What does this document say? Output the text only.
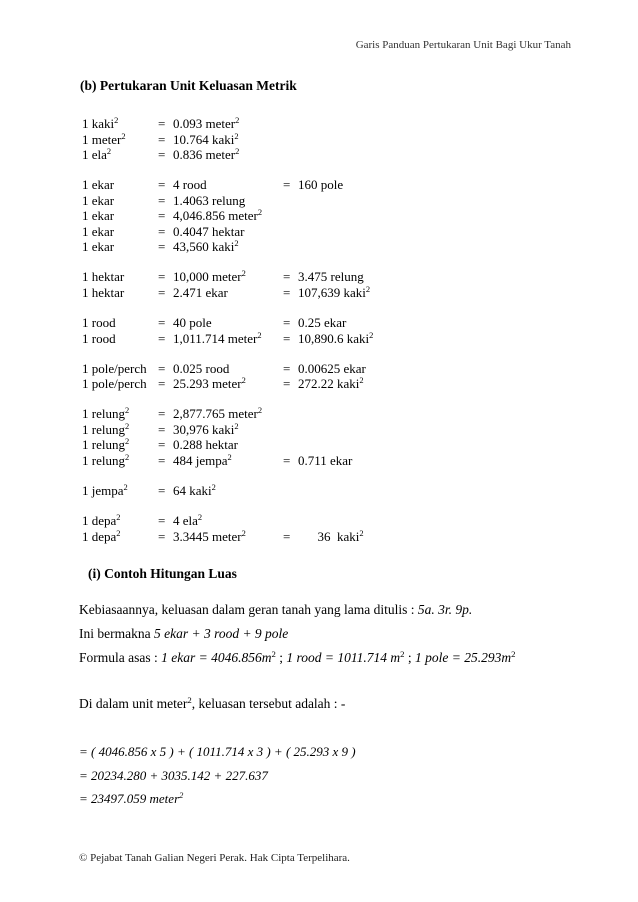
Garis Panduan Pertukaran Unit Bagi Ukur Tanah
(b) Pertukaran Unit Keluasan Metrik
1 kaki$^2$	= 0.093 meter$^2$
1 meter$^2$	= 10.764 kaki$^2$
1 ela$^2$	= 0.836 meter$^2$
1 ekar	= 4 rood	= 160 pole
1 ekar	= 1.4063 relung
1 ekar	= 4,046.856 meter$^2$
1 ekar	= 0.4047 hektar
1 ekar	= 43,560 kaki$^2$
1 hektar	= 10,000 meter$^2$	= 3.475 relung
1 hektar	= 2.471 ekar	= 107,639 kaki$^2$
1 rood	= 40 pole	= 0.25 ekar
1 rood	= 1,011.714 meter$^2$	= 10,890.6 kaki$^2$
1 pole/perch = 0.025 rood	= 0.00625 ekar
1 pole/perch = 25.293 meter$^2$	= 272.22 kaki$^2$
1 relung$^2$	= 2,877.765 meter$^2$
1 relung$^2$	= 30,976 kaki$^2$
1 relung$^2$	= 0.288 hektar
1 relung$^2$	= 484 jempa$^2$	= 0.711 ekar
1 jempa$^2$	= 64 kaki$^2$
1 depa$^2$	= 4 ela$^2$
1 depa$^2$	= 3.3445 meter$^2$	= 36  kaki$^2$
(i) Contoh Hitungan Luas
Kebiasaannya, keluasan dalam geran tanah yang lama ditulis : 5a. 3r. 9p.
Ini bermakna 5 ekar + 3 rood + 9 pole
Formula asas : 1 ekar = $4046.856m^2$ ; 1 rood = 1011.714 $m^2$ ; 1 pole = $25.293m^2$
Di dalam unit meter$^2$, keluasan tersebut adalah : -
= ( 4046.856 x 5 ) + ( 1011.714 x 3 ) + ( 25.293 x 9 )
= 20234.280 + 3035.142 + 227.637
= 23497.059 meter$^2$
© Pejabat Tanah Galian Negeri Perak. Hak Cipta Terpelihara.
